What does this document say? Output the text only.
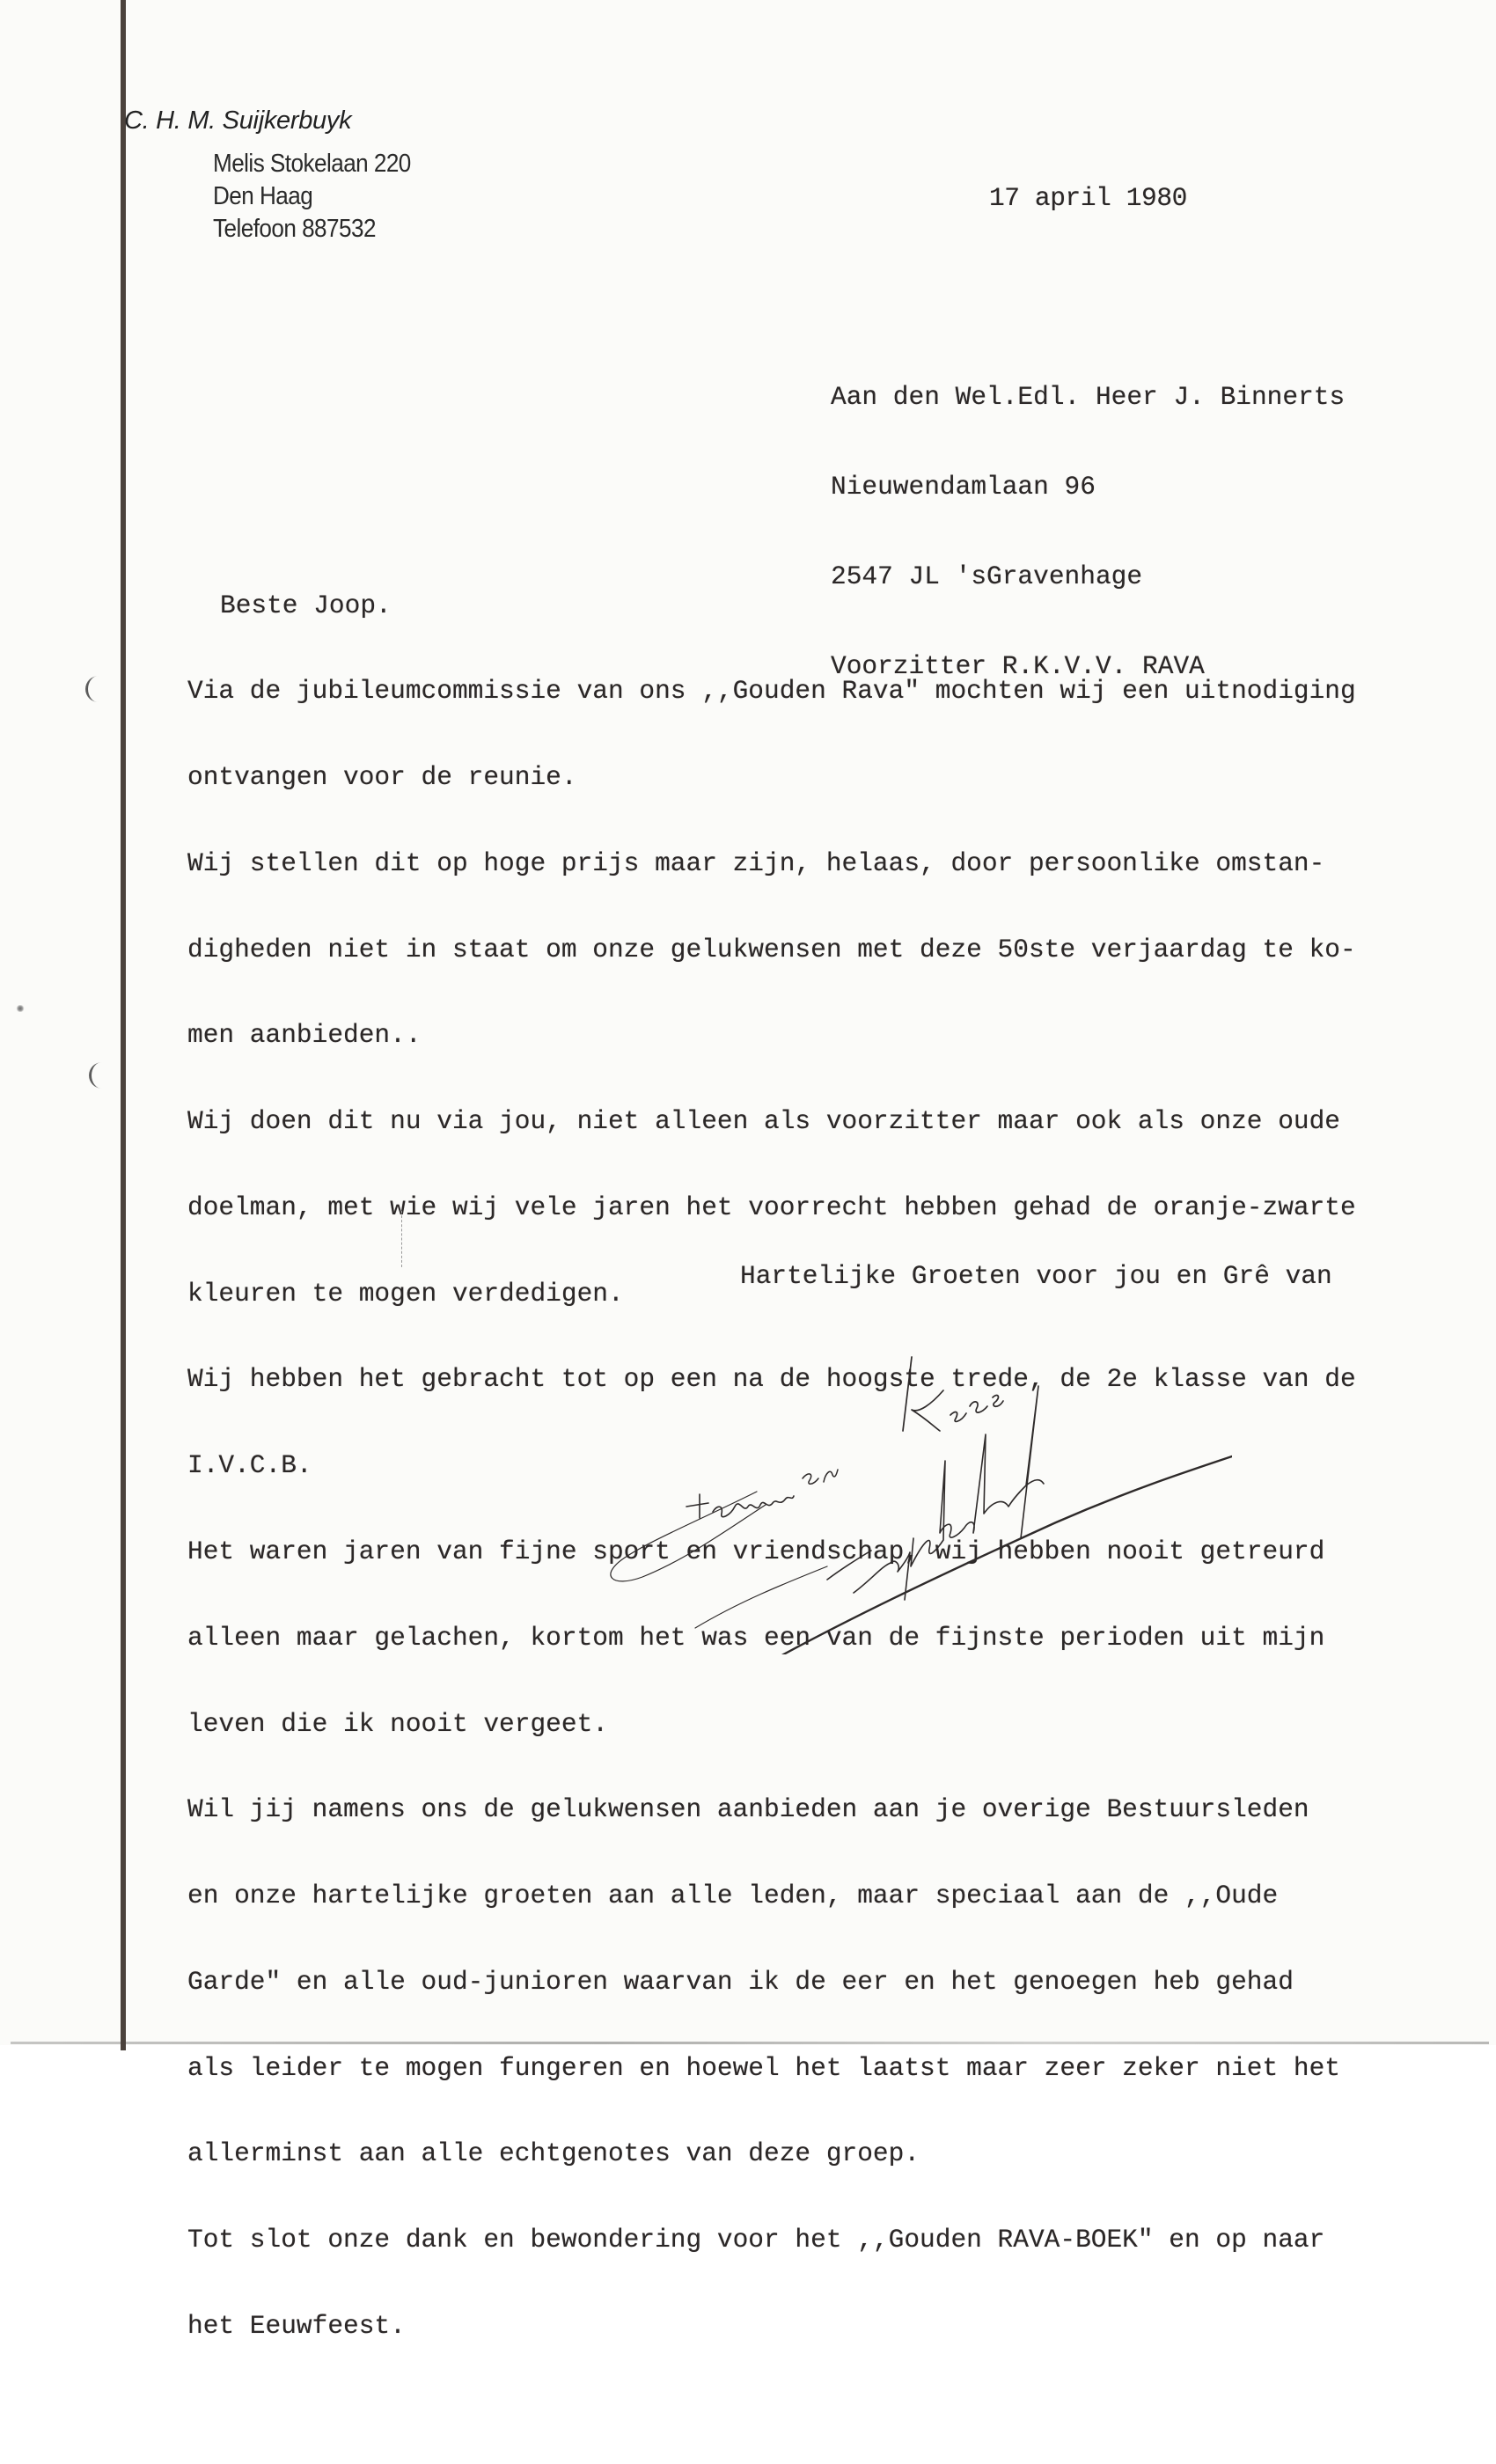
C. H. M. Suijkerbuyk
Melis Stokelaan 220
Den Haag
Telefoon 887532
17 april 1980

Aan den Wel.Edl. Heer J. Binnerts

Nieuwendamlaan 96

2547 JL 'sGravenhage

Voorzitter R.K.V.V. RAVA

Beste Joop.

Via de jubileumcommissie van ons ,,Gouden Rava" mochten wij een uitnodiging

ontvangen voor de reunie.

Wij stellen dit op hoge prijs maar zijn, helaas, door persoonlike omstan-

digheden niet in staat om onze gelukwensen met deze 50ste verjaardag te ko-

men aanbieden..

Wij doen dit nu via jou, niet alleen als voorzitter maar ook als onze oude

doelman, met wie wij vele jaren het voorrecht hebben gehad de oranje-zwarte

kleuren te mogen verdedigen.

Wij hebben het gebracht tot op een na de hoogste trede, de 2e klasse van de

I.V.C.B.

Het waren jaren van fijne sport en vriendschap, wij hebben nooit getreurd

alleen maar gelachen, kortom het was een van de fijnste perioden uit mijn

leven die ik nooit vergeet.

Wil jij namens ons de gelukwensen aanbieden aan je overige Bestuursleden

en onze hartelijke groeten aan alle leden, maar speciaal aan de ,,Oude

Garde" en alle oud-junioren waarvan ik de eer en het genoegen heb gehad

als leider te mogen fungeren en hoewel het laatst maar zeer zeker niet het

allerminst aan alle echtgenotes van deze groep.

Tot slot onze dank en bewondering voor het ,,Gouden RAVA-BOEK" en op naar

het Eeuwfeest.

Hartelijke Groeten voor jou en Grê van
